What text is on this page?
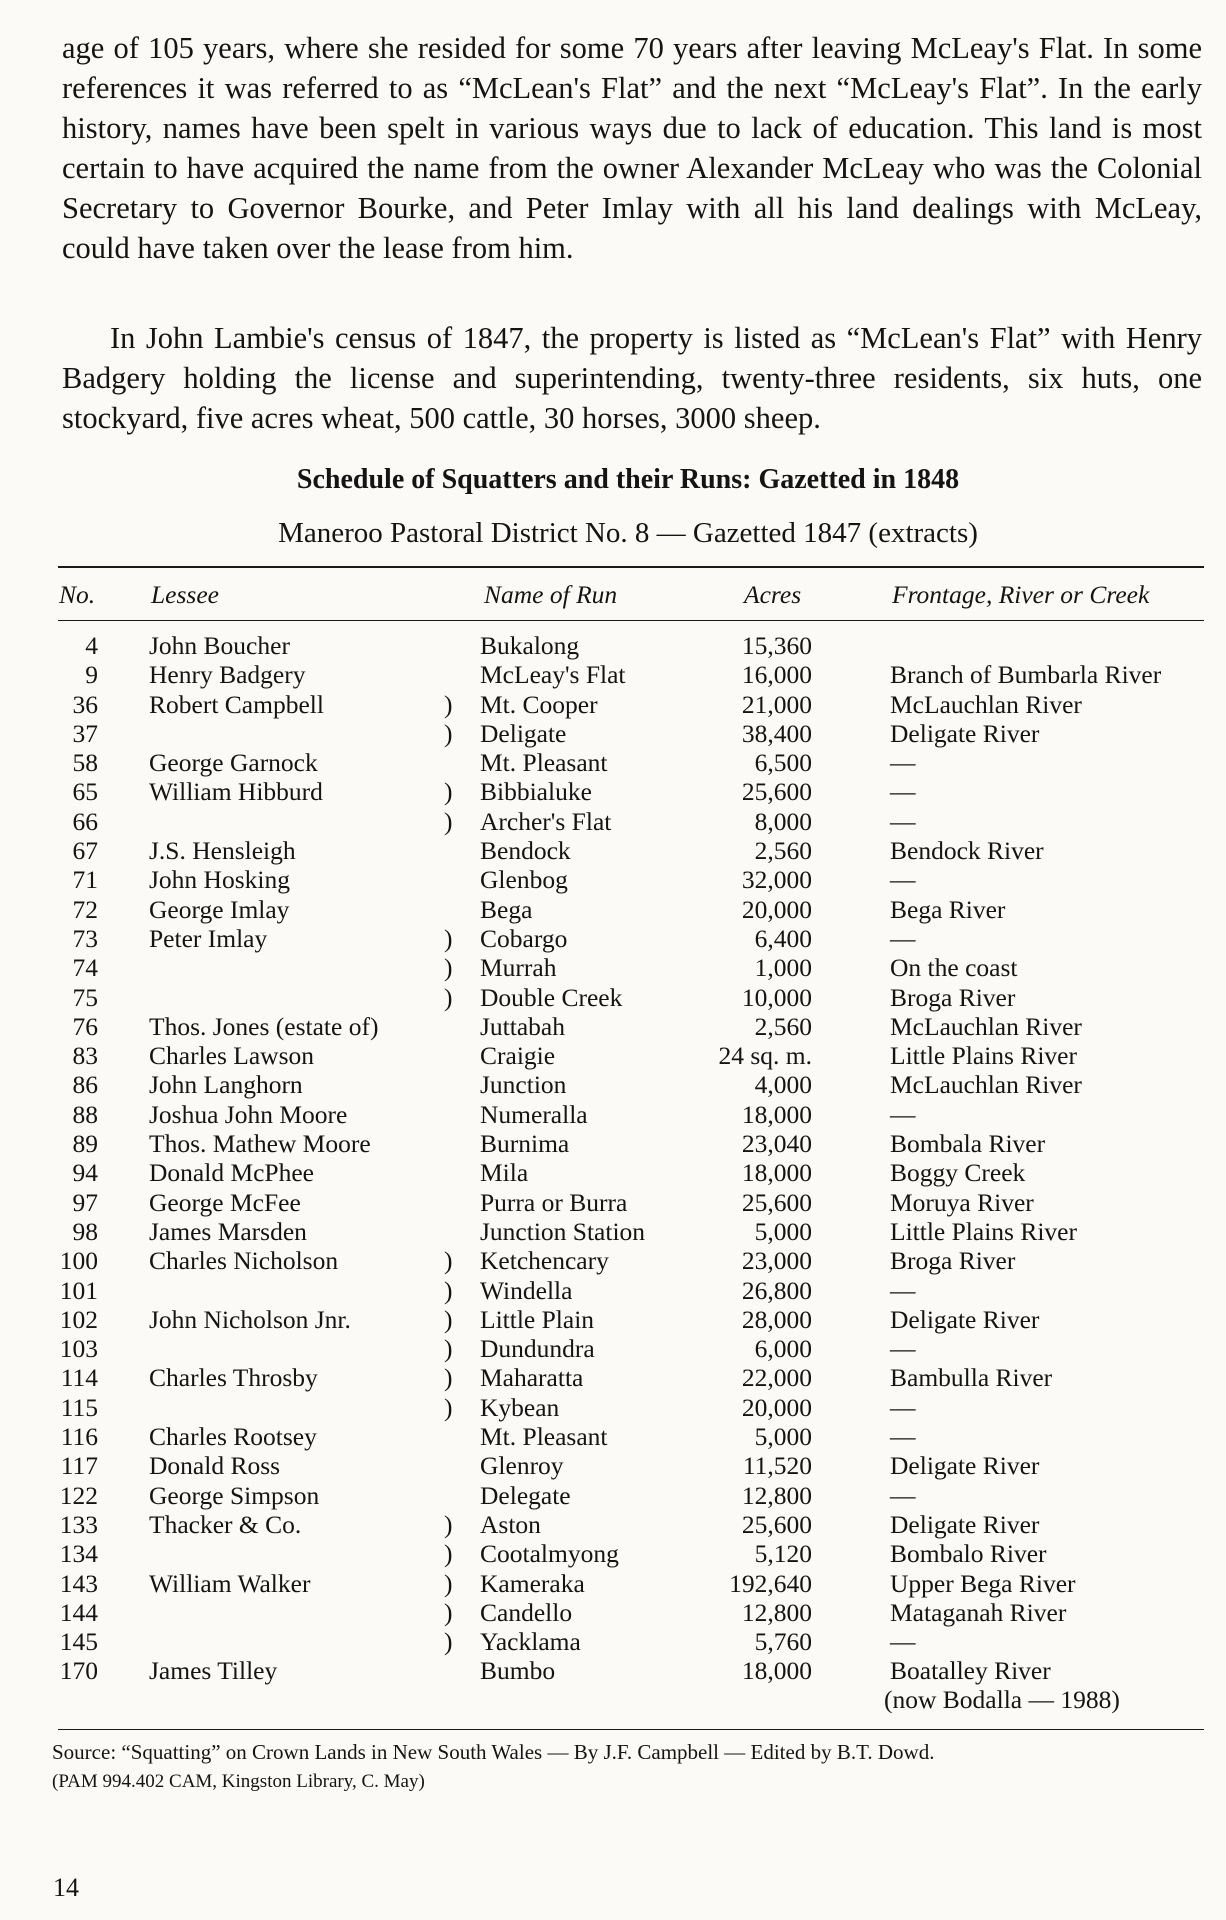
age of 105 years, where she resided for some 70 years after leaving McLeay's Flat. In some references it was referred to as “McLean's Flat” and the next “McLeay's Flat”. In the early history, names have been spelt in various ways due to lack of education. This land is most certain to have acquired the name from the owner Alexander McLeay who was the Colonial Secretary to Governor Bourke, and Peter Imlay with all his land dealings with McLeay, could have taken over the lease from him.

In John Lambie's census of 1847, the property is listed as “McLean's Flat” with Henry Badgery holding the license and superintending, twenty-three residents, six huts, one stockyard, five acres wheat, 500 cattle, 30 horses, 3000 sheep.

Schedule of Squatters and their Runs: Gazetted in 1848
Maneroo Pastoral District No. 8 — Gazetted 1847 (extracts)
No. Lessee	Name of Run	Acres	Frontage, River or Creek
4 John Boucher	Bukalong	15,360
9 Henry Badgery	McLeay's Flat	16,000	Branch of Bumbarla River
36 Robert Campbell	) Mt. Cooper	21,000	McLauchlan River
37	) Deligate	38,400	Deligate River
58 George Garnock	Mt. Pleasant	6,500	—
65 William Hibburd	) Bibbialuke	25,600	—
66	) Archer's Flat	8,000	—
67 J.S. Hensleigh	Bendock	2,560	Bendock River
71 John Hosking	Glenbog	32,000	—
72 George Imlay	Bega	20,000	Bega River
73 Peter Imlay	) Cobargo	6,400	—
74	) Murrah	1,000	On the coast
75	) Double Creek	10,000	Broga River
76 Thos. Jones (estate of)	Juttabah	2,560	McLauchlan River
83 Charles Lawson	Craigie	24 sq. m.	Little Plains River
86 John Langhorn	Junction	4,000	McLauchlan River
88 Joshua John Moore	Numeralla	18,000	—
89 Thos. Mathew Moore	Burnima	23,040	Bombala River
94 Donald McPhee	Mila	18,000	Boggy Creek
97 George McFee	Purra or Burra	25,600	Moruya River
98 James Marsden	Junction Station	5,000	Little Plains River
100 Charles Nicholson	) Ketchencary	23,000	Broga River
101	) Windella	26,800	—
102 John Nicholson Jnr.	) Little Plain	28,000	Deligate River
103	) Dundundra	6,000	—
114 Charles Throsby	) Maharatta	22,000	Bambulla River
115	) Kybean	20,000	—
116 Charles Rootsey	Mt. Pleasant	5,000	—
117 Donald Ross	Glenroy	11,520	Deligate River
122 George Simpson	Delegate	12,800	—
133 Thacker & Co.	) Aston	25,600	Deligate River
134	) Cootalmyong	5,120	Bombalo River
143 William Walker	) Kameraka	192,640	Upper Bega River
144	) Candello	12,800	Mataganah River
145	) Yacklama	5,760	—
170 James Tilley	Bumbo	18,000	Boatalley River
(now Bodalla — 1988)
Source: “Squatting” on Crown Lands in New South Wales — By J.F. Campbell — Edited by B.T. Dowd.
(PAM 994.402 CAM, Kingston Library, C. May)
14
